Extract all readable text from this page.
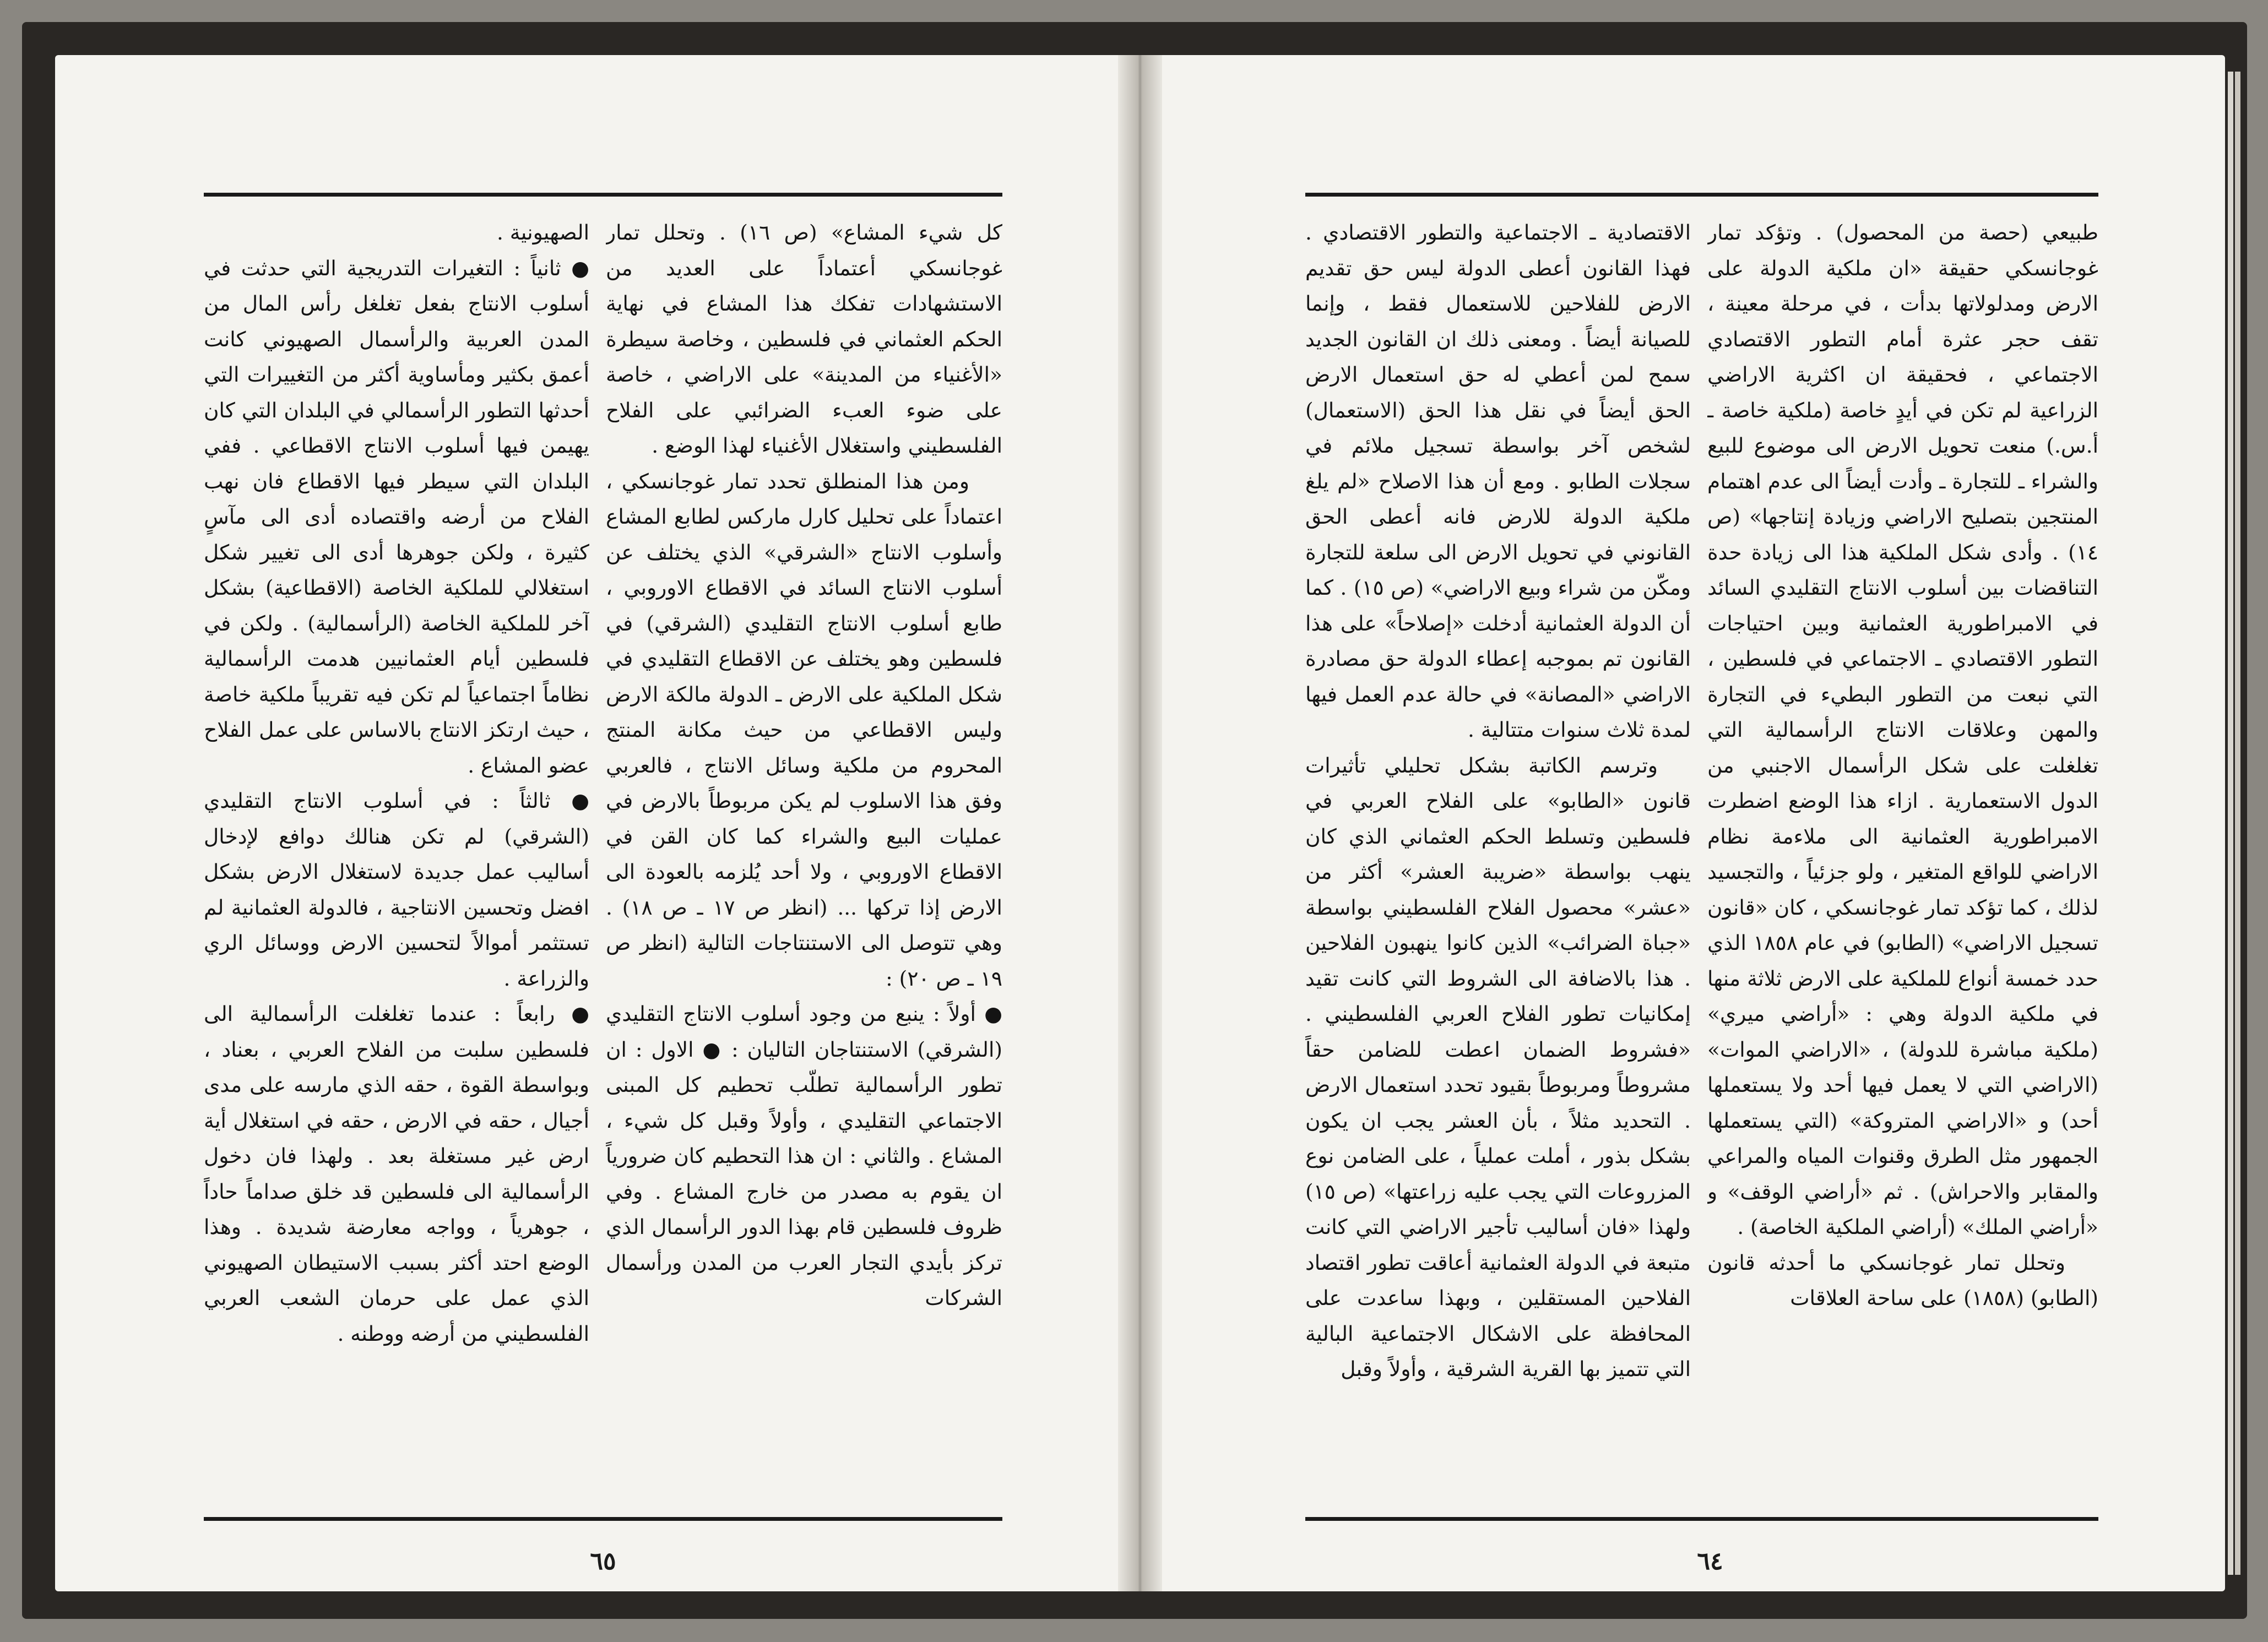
كل شيء المشاع» (ص ١٦) . وتحلل تمار غوجانسكي أعتماداً على العديد من الاستشهادات تفكك هذا المشاع في نهاية الحكم العثماني في فلسطين ، وخاصة سيطرة «الأغنياء من المدينة» على الاراضي ، خاصة على ضوء العبء الضرائبي على الفلاح الفلسطيني واستغلال الأغنياء لهذا الوضع .

ومن هذا المنطلق تحدد تمار غوجانسكي ، اعتماداً على تحليل كارل ماركس لطابع المشاع وأسلوب الانتاج «الشرقي» الذي يختلف عن أسلوب الانتاج السائد في الاقطاع الاوروبي ، طابع أسلوب الانتاج التقليدي (الشرقي) في فلسطين وهو يختلف عن الاقطاع التقليدي في شكل الملكية على الارض ـ الدولة مالكة الارض وليس الاقطاعي من حيث مكانة المنتج المحروم من ملكية وسائل الانتاج ، فالعربي وفق هذا الاسلوب لم يكن مربوطاً بالارض في عمليات البيع والشراء كما كان القن في الاقطاع الاوروبي ، ولا أحد يُلزمه بالعودة الى الارض إذا تركها ... (انظر ص ١٧ ـ ص ١٨) . وهي تتوصل الى الاستنتاجات التالية (انظر ص ١٩ ـ ص ٢٠) :

● أولاً : ينبع من وجود أسلوب الانتاج التقليدي (الشرقي) الاستنتاجان التاليان : ● الاول : ان تطور الرأسمالية تطلّب تحطيم كل المبنى الاجتماعي التقليدي ، وأولاً وقبل كل شيء ، المشاع . والثاني : ان هذا التحطيم كان ضرورياً ان يقوم به مصدر من خارج المشاع . وفي ظروف فلسطين قام بهذا الدور الرأسمال الذي تركز بأيدي التجار العرب من المدن ورأسمال الشركات

الصهيونية .

● ثانياً : التغيرات التدريجية التي حدثت في أسلوب الانتاج بفعل تغلغل رأس المال من المدن العربية والرأسمال الصهيوني كانت أعمق بكثير ومأساوية أكثر من التغييرات التي أحدثها التطور الرأسمالي في البلدان التي كان يهيمن فيها أسلوب الانتاج الاقطاعي . ففي البلدان التي سيطر فيها الاقطاع فان نهب الفلاح من أرضه واقتصاده أدى الى مآسٍ كثيرة ، ولكن جوهرها أدى الى تغيير شكل استغلالي للملكية الخاصة (الاقطاعية) بشكل آخر للملكية الخاصة (الرأسمالية) . ولكن في فلسطين أيام العثمانيين هدمت الرأسمالية نظاماً اجتماعياً لم تكن فيه تقريباً ملكية خاصة ، حيث ارتكز الانتاج بالاساس على عمل الفلاح عضو المشاع .

● ثالثاً : في أسلوب الانتاج التقليدي (الشرقي) لم تكن هنالك دوافع لإدخال أساليب عمل جديدة لاستغلال الارض بشكل افضل وتحسين الانتاجية ، فالدولة العثمانية لم تستثمر أموالاً لتحسين الارض ووسائل الري والزراعة .

● رابعاً : عندما تغلغلت الرأسمالية الى فلسطين سلبت من الفلاح العربي ، بعناد ، وبواسطة القوة ، حقه الذي مارسه على مدى أجيال ، حقه في الارض ، حقه في استغلال أية ارض غير مستغلة بعد . ولهذا فان دخول الرأسمالية الى فلسطين قد خلق صداماً حاداً ، جوهرياً ، وواجه معارضة شديدة . وهذا الوضع احتد أكثر بسبب الاستيطان الصهيوني الذي عمل على حرمان الشعب العربي الفلسطيني من أرضه ووطنه .

٦٥

طبيعي (حصة من المحصول) . وتؤكد تمار غوجانسكي حقيقة «ان ملكية الدولة على الارض ومدلولاتها بدأت ، في مرحلة معينة ، تقف حجر عثرة أمام التطور الاقتصادي الاجتماعي ، فحقيقة ان اكثرية الاراضي الزراعية لم تكن في أيدٍ خاصة (ملكية خاصة ـ أ.س.) منعت تحويل الارض الى موضوع للبيع والشراء ـ للتجارة ـ وأدت أيضاً الى عدم اهتمام المنتجين بتصليح الاراضي وزيادة إنتاجها» (ص ١٤) . وأدى شكل الملكية هذا الى زيادة حدة التناقضات بين أسلوب الانتاج التقليدي السائد في الامبراطورية العثمانية وبين احتياجات التطور الاقتصادي ـ الاجتماعي في فلسطين ، التي نبعت من التطور البطيء في التجارة والمهن وعلاقات الانتاج الرأسمالية التي تغلغلت على شكل الرأسمال الاجنبي من الدول الاستعمارية . ازاء هذا الوضع اضطرت الامبراطورية العثمانية الى ملاءمة نظام الاراضي للواقع المتغير ، ولو جزئياً ، والتجسيد لذلك ، كما تؤكد تمار غوجانسكي ، كان «قانون تسجيل الاراضي» (الطابو) في عام ١٨٥٨ الذي حدد خمسة أنواع للملكية على الارض ثلاثة منها في ملكية الدولة وهي : «أراضي ميري» (ملكية مباشرة للدولة) ، «الاراضي الموات» (الاراضي التي لا يعمل فيها أحد ولا يستعملها أحد) و «الاراضي المتروكة» (التي يستعملها الجمهور مثل الطرق وقنوات المياه والمراعي والمقابر والاحراش) . ثم «أراضي الوقف» و «أراضي الملك» (أراضي الملكية الخاصة) .

وتحلل تمار غوجانسكي ما أحدثه قانون (الطابو) (١٨٥٨) على ساحة العلاقات

الاقتصادية ـ الاجتماعية والتطور الاقتصادي . فهذا القانون أعطى الدولة ليس حق تقديم الارض للفلاحين للاستعمال فقط ، وإنما للصيانة أيضاً . ومعنى ذلك ان القانون الجديد سمح لمن أعطي له حق استعمال الارض الحق أيضاً في نقل هذا الحق (الاستعمال) لشخص آخر بواسطة تسجيل ملائم في سجلات الطابو . ومع أن هذا الاصلاح «لم يلغ ملكية الدولة للارض فانه أعطى الحق القانوني في تحويل الارض الى سلعة للتجارة ومكّن من شراء وبيع الاراضي» (ص ١٥) . كما أن الدولة العثمانية أدخلت «إصلاحاً» على هذا القانون تم بموجبه إعطاء الدولة حق مصادرة الاراضي «المصانة» في حالة عدم العمل فيها لمدة ثلاث سنوات متتالية .

وترسم الكاتبة بشكل تحليلي تأثيرات قانون «الطابو» على الفلاح العربي في فلسطين وتسلط الحكم العثماني الذي كان ينهب بواسطة «ضريبة العشر» أكثر من «عشر» محصول الفلاح الفلسطيني بواسطة «جباة الضرائب» الذين كانوا ينهبون الفلاحين . هذا بالاضافة الى الشروط التي كانت تقيد إمكانيات تطور الفلاح العربي الفلسطيني . «فشروط الضمان اعطت للضامن حقاً مشروطاً ومربوطاً بقيود تحدد استعمال الارض . التحديد مثلاً ، بأن العشر يجب ان يكون بشكل بذور ، أملت عملياً ، على الضامن نوع المزروعات التي يجب عليه زراعتها» (ص ١٥) ولهذا «فان أساليب تأجير الاراضي التي كانت متبعة في الدولة العثمانية أعاقت تطور اقتصاد الفلاحين المستقلين ، وبهذا ساعدت على المحافظة على الاشكال الاجتماعية البالية التي تتميز بها القرية الشرقية ، وأولاً وقبل

٦٤
